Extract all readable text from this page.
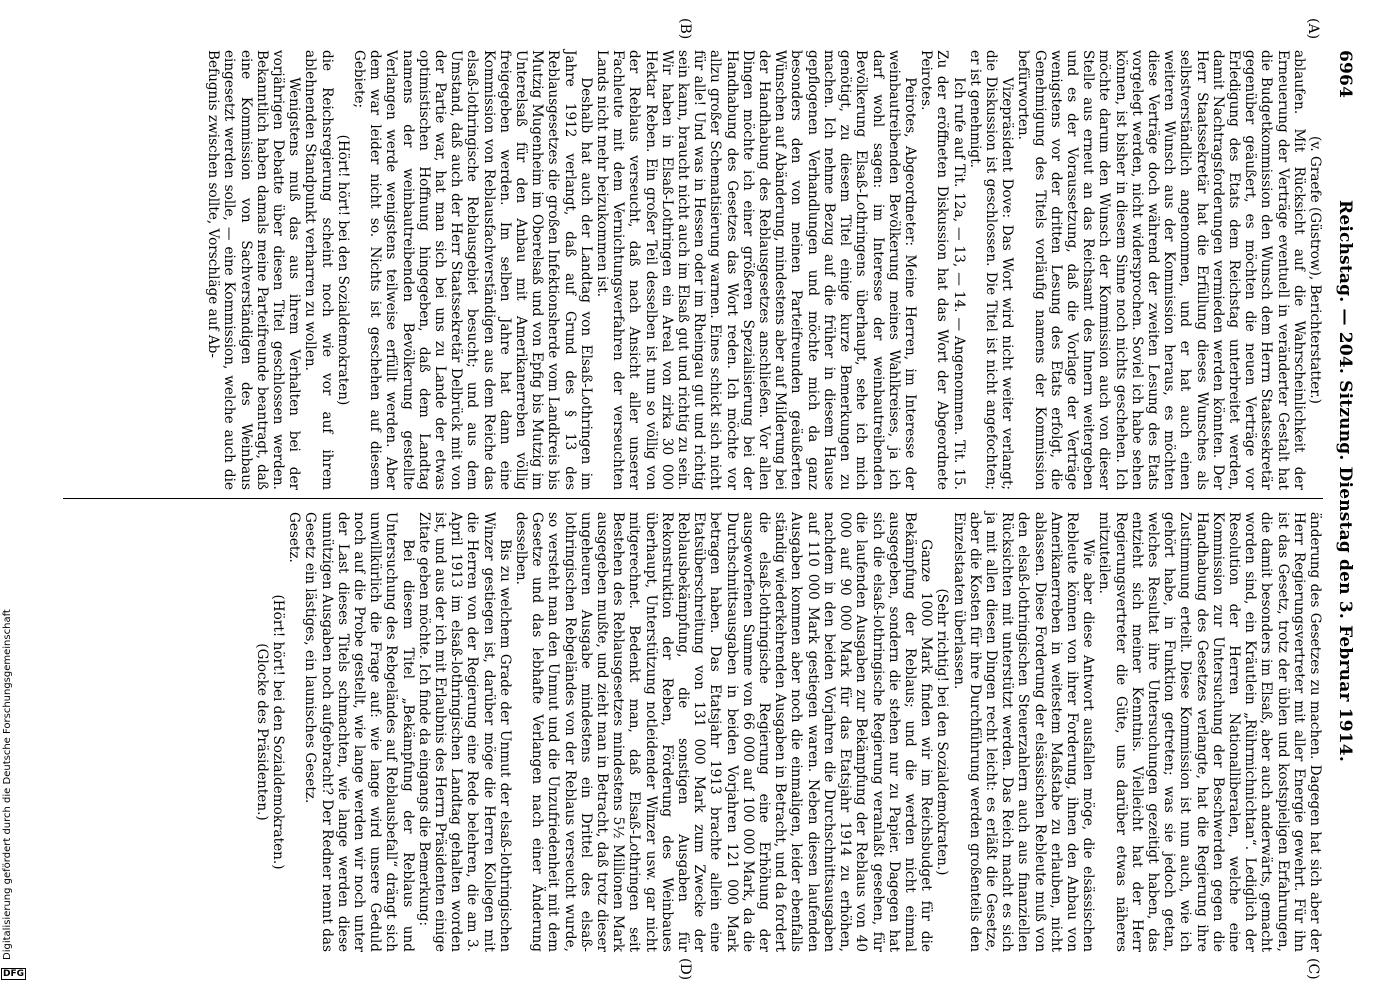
6964
Reichstag. — 204. Sitzung. Dienstag den 3. Februar 1914.
(A)
(B)
(C)
(D)

(v. Graefe (Güstrow), Berichterstatter.)

ablaufen. Mit Rücksicht auf die Wahrscheinlichkeit der Erneuerung der Verträge eventuell in veränderter Gestalt hat die Budgetkommission den Wunsch dem Herrn Staatssekretär gegenüber geäußert, es möchten die neuen Verträge vor Erledigung des Etats dem Reichstag unterbreitet werden, damit Nachtragsforderungen vermieden werden könnten. Der Herr Staatssekretär hat die Erfüllung dieses Wunsches als selbstverständlich angenommen, und er hat auch einen weiteren Wunsch aus der Kommission heraus, es möchten diese Verträge doch während der zweiten Lesung des Etats vorgelegt werden, nicht widersprochen. Soviel ich habe sehen können, ist bisher in diesem Sinne noch nichts geschehen. Ich möchte darum den Wunsch der Kommission auch von dieser Stelle aus erneut an das Reichsamt des Innern weitergeben und es der Voraussetzung, daß die Vorlage der Verträge wenigstens vor der dritten Lesung des Etats erfolgt, die Genehmigung des Titels vorläufig namens der Kommission befürworten.

Vizepräsident Dove: Das Wort wird nicht weiter verlangt; die Diskussion ist geschlossen. Die Titel ist nicht angefochten; er ist genehmigt.

Ich rufe auf Tit. 12a, — 13, — 14. — Angenommen. Tit. 15. Zu der eröffneten Diskussion hat das Wort der Abgeordnete Peirotes.

Peirotes, Abgeordneter: Meine Herren, im Interesse der weinbautreibenden Bevölkerung meines Wahlkreises, ja ich darf wohl sagen: im Interesse der weinbautreibenden Bevölkerung Elsaß-Lothringens überhaupt, sehe ich mich genötigt, zu diesem Titel einige kurze Bemerkungen zu machen. Ich nehme Bezug auf die früher in diesem Hause gepflogenen Verhandlungen und möchte mich da ganz besonders den von meinen Parteifreunden geäußerten Wünschen auf Abänderung, mindestens aber auf Milderung bei der Handhabung des Reblausgesetzes anschließen. Vor allen Dingen möchte ich einer größeren Spezialisierung bei der Handhabung des Gesetzes das Wort reden. Ich möchte vor allzu großer Schematisierung warnen. Eines schickt sich nicht für alle! Und was in Hessen oder im Rheingau gut und richtig sein kann, braucht nicht auch im Elsaß gut und richtig zu sein. Wir haben in Elsaß-Lothringen ein Areal von zirka 30 000 Hektar Reben. Ein großer Teil desselben ist nun so völlig von der Reblaus verseucht, daß nach Ansicht aller unserer Fachleute mit dem Vernichtungsverfahren der verseuchten Lands nicht mehr beizukommen ist.

Deshalb hat auch der Landtag von Elsaß-Lothringen im Jahre 1912 verlangt, daß auf Grund des § 13 des Reblausgesetzes die großen Infektionsherde vom Landkreis bis Mutzig Mugenheim im Oberelsaß und von Epfig bis Mutzig im Unterelsaß für den Anbau mit Amerikanerreben völlig freigegeben werden. Im selben Jahre hat dann eine Kommission von Reblausfachverständigen aus dem Reiche das elsaß-lothringische Reblausgebiet besucht; und aus dem Umstand, daß auch der Herr Staatssekretär Delbrück mit von der Partie war, hat man sich bei uns zu Lande der etwas optimistischen Hoffnung hingegeben, daß dem Landtag namens der weinbautreibenden Bevölkerung gestellte Verlangen werde wenigstens teilweise erfüllt werden. Aber dem war leider nicht so. Nichts ist geschehen auf diesem Gebiete;

(Hört! hört! bei den Sozialdemokraten)

die Reichsregierung scheint noch wie vor auf ihrem ablehnenden Standpunkt verharren zu wollen.

Wenigstens muß das aus ihrem Verhalten bei der vorjährigen Debatte über diesen Titel geschlossen werden. Bekanntlich haben damals meine Parteifreunde beantragt, daß eine Kommission von Sachverständigen des Weinbaus eingesetzt werden solle, — eine Kommission, welche auch die Befugnis zwischen sollte, Vorschläge auf Ab-

änderung des Gesetzes zu machen. Dagegen hat sich aber der Herr Regierungsvertreter mit aller Energie gewehrt. Für ihn ist das Gesetz, trotz der üblen und kostspieligen Erfahrungen, die damit besonders im Elsaß, aber auch anderwärts, gemacht worden sind, ein Kräutlein „Rührmichnichtan“. Lediglich der Resolution der Herren Nationalliberalen, welche eine Kommission zur Untersuchung der Beschwerden gegen die Handhabung des Gesetzes verlangte, hat die Regierung ihre Zustimmung erteilt. Diese Kommission ist nun auch, wie ich gehört habe, in Funktion getreten; was sie jedoch getan, welches Resultat ihre Untersuchungen gezeitigt haben, das entzieht sich meiner Kenntnis. Vielleicht hat der Herr Regierungsvertreter die Güte, uns darüber etwas näheres mitzuteilen.

Wie aber diese Antwort ausfallen möge, die elsässischen Rebleute können von ihrer Forderung, ihnen den Anbau von Amerikanerreben in weitestem Maßstabe zu erlauben, nicht ablassen. Diese Forderung der elsässischen Rebleute muß von den elsaß-lothringischen Steuerzahlern auch aus finanziellen Rücksichten mit unterstützt werden. Das Reich macht es sich ja mit allen diesen Dingen recht leicht: es erläßt die Gesetze, aber die Kosten für ihre Durchführung werden großenteils den Einzelstaaten überlassen.

(Sehr richtig! bei den Sozialdemokraten.)

Ganze 1000 Mark finden wir im Reichsbudget für die Bekämpfung der Reblaus; und die werden nicht einmal ausgegeben, sondern die stehen nur zu Papier. Dagegen hat sich die elsaß-lothringische Regierung veranlaßt gesehen, für die laufenden Ausgaben zur Bekämpfung der Reblaus von 40 000 auf 90 000 Mark für das Etatsjahr 1914 zu erhöhen, nachdem in den beiden Vorjahren die Durchschnittsausgaben auf 110 000 Mark gestiegen waren. Neben diesen laufenden Ausgaben kommen aber noch die einmaligen, leider ebenfalls ständig wiederkehrenden Ausgaben in Betracht, und da fordert die elsaß-lothringische Regierung eine Erhöhung der ausgeworfenen Summe von 66 000 auf 100 000 Mark, da die Durchschnittsausgaben in beiden Vorjahren 121 000 Mark betragen haben. Das Etatsjahr 1913 brachte allein eine Etatsüberschreitung von 131 000 Mark zum Zwecke der Reblausbekämpfung, die sonstigen Ausgaben für Rekonstruktion der Reben, Förderung des Weinbaues überhaupt, Unterstützung notleidender Winzer usw. gar nicht mitgerechnet. Bedenkt man, daß Elsaß-Lothringen seit Bestehen des Reblausgesetzes mindestens 5½ Millionen Mark ausgegeben mußte, und zieht man in Betracht, daß trotz dieser ungeheuren Ausgabe mindestens ein Drittel des elsaß-lothringischen Rebgeländes von der Reblaus verseucht wurde, so versteht man den Unmut und die Unzufriedenheit mit dem Gesetze und das lebhafte Verlangen nach einer Änderung desselben.

Bis zu welchem Grade der Unmut der elsaß-lothringischen Winzer gestiegen ist, darüber möge die Herren Kollegen mit die Herren von der Regierung eine Rede belehren, die am 3. April 1913 im elsaß-lothringischen Landtag gehalten worden ist, und aus der ich mit Erlaubnis des Herrn Präsidenten einige Zitate geben möchte. Ich finde da eingangs die Bemerkung:

Bei diesem Titel „Bekämpfung der Reblaus und Untersuchung des Rebgeländes auf Reblausbefall“ drängt sich unwillkürlich die Frage auf: wie lange wird unsere Geduld noch auf die Probe gestellt, wie lange werden wir noch unter der Last dieses Titels schmachten, wie lange werden diese unnützigen Ausgaben noch aufgebracht? Der Redner nennt das Gesetz ein lästiges, ein launisches Gesetz.

Gesetz.

(Hört! hört! bei den Sozialdemokraten.)

(Glocke des Präsidenten.)

Digitalisierung gefördert durch die Deutsche Forschungsgemeinschaft
DFG
